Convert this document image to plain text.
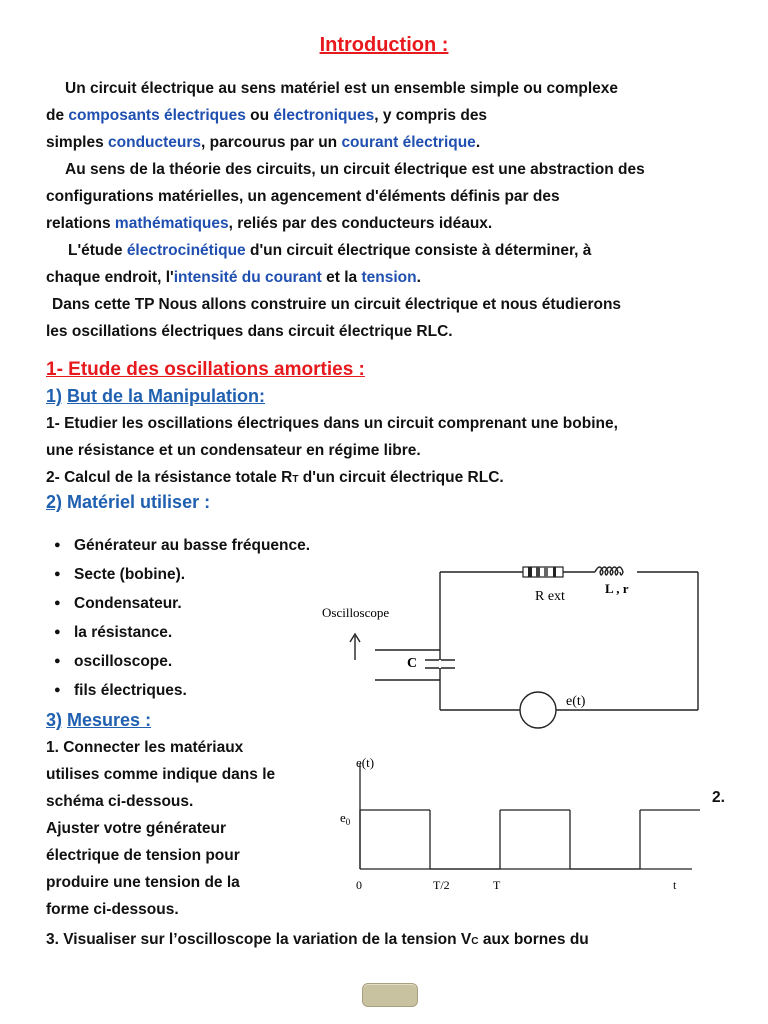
Introduction :
Un circuit électrique au sens matériel est un ensemble simple ou complexe
de composants électriques ou électroniques, y compris des
simples conducteurs, parcourus par un courant électrique.
Au sens de la théorie des circuits, un circuit électrique est une abstraction des
configurations matérielles, un agencement d'éléments définis par des
relations mathématiques, reliés par des conducteurs idéaux.
L'étude électrocinétique d'un circuit électrique consiste à déterminer, à
chaque endroit, l'intensité du courant et la tension.
Dans cette TP Nous allons construire un circuit électrique et nous étudierons
les oscillations électriques dans circuit électrique RLC.
1- Etude des oscillations amorties :
1) But de la Manipulation:
1- Etudier les oscillations électriques dans un circuit comprenant une bobine,
une résistance et un condensateur en régime libre.
2- Calcul de la résistance totale RT d'un circuit électrique RLC.
2) Matériel utiliser :
● Générateur au basse fréquence.
● Secte (bobine).
● Condensateur.
● la résistance.
● oscilloscope.
● fils électriques.
Oscilloscope
C
R ext
L , r
e(t)
3) Mesures :
1. Connecter les matériaux
utilises comme indique dans le
schéma ci-dessous.
Ajuster votre générateur
électrique de tension pour
produire une tension de la
forme ci-dessous.
2.
e(t)
t
$e_0$
0	T/2	T
3. Visualiser sur l’oscilloscope la variation de la tension VC aux bornes du
